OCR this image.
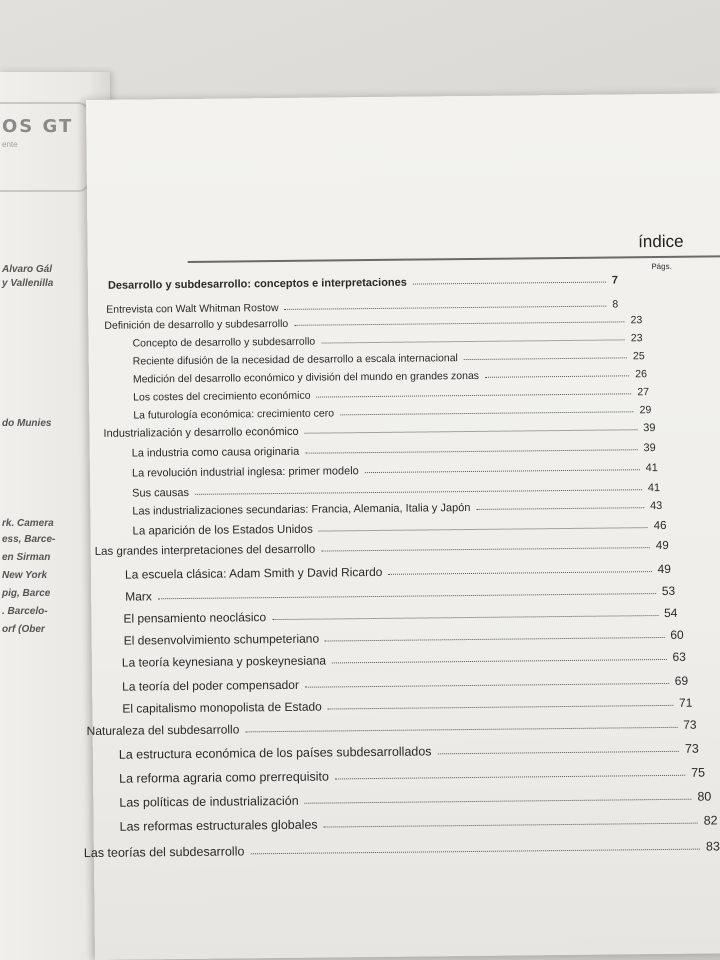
OS GT
ente
Alvaro Gál
y Vallenilla
do Munies
rk. Camera
ess, Barce-
en Sirman
New York
pig, Barce
. Barcelo-
orf (Ober
índice
Págs.
Desarrollo y subdesarrollo: conceptos e interpretaciones	7
Entrevista con Walt Whitman Rostow	8
Definición de desarrollo y subdesarrollo	23
Concepto de desarrollo y subdesarrollo	23
Reciente difusión de la necesidad de desarrollo a escala internacional	25
Medición del desarrollo económico y división del mundo en grandes zonas	26
Los costes del crecimiento económico	27
La futurología económica: crecimiento cero	29
Industrialización y desarrollo económico	39
La industria como causa originaria	39
La revolución industrial inglesa: primer modelo	41
Sus causas	41
Las industrializaciones secundarias: Francia, Alemania, Italia y Japón	43
La aparición de los Estados Unidos	46
Las grandes interpretaciones del desarrollo	49
La escuela clásica: Adam Smith y David Ricardo	49
Marx	53
El pensamiento neoclásico	54
El desenvolvimiento schumpeteriano	60
La teoría keynesiana y poskeynesiana	63
La teoría del poder compensador	69
El capitalismo monopolista de Estado	71
Naturaleza del subdesarrollo	73
La estructura económica de los países subdesarrollados	73
La reforma agraria como prerrequisito	75
Las políticas de industrialización	80
Las reformas estructurales globales	82
Las teorías del subdesarrollo	83
